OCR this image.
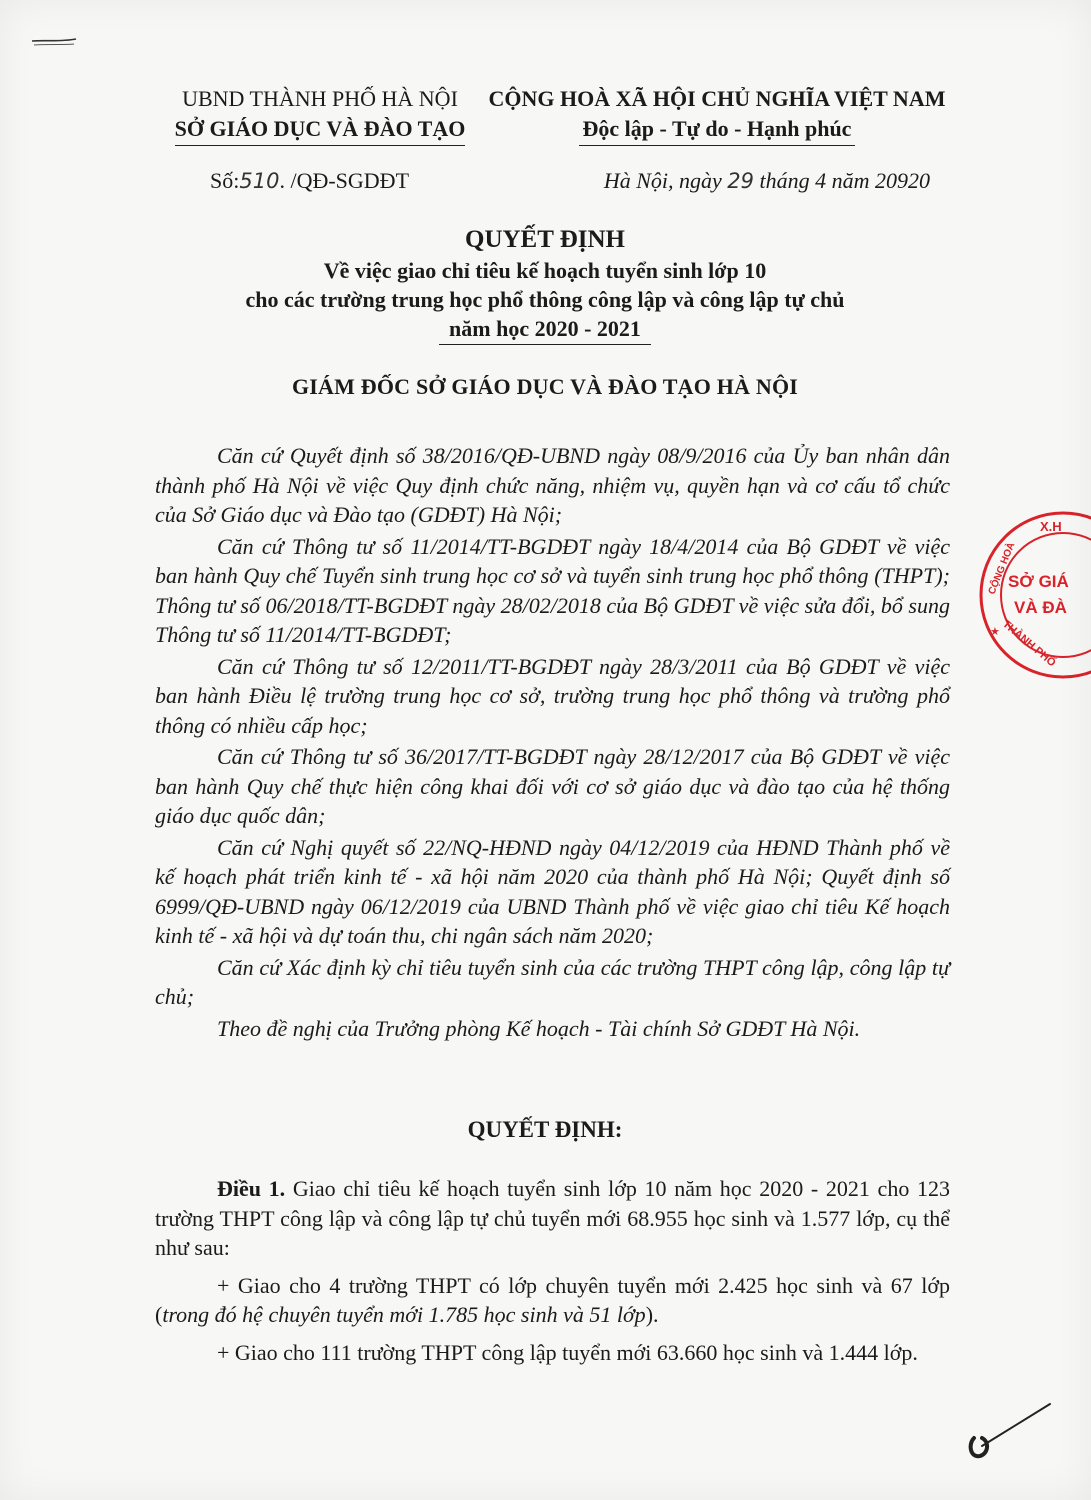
UBND THÀNH PHỐ HÀ NỘI
SỞ GIÁO DỤC VÀ ĐÀO TẠO
CỘNG HOÀ XÃ HỘI CHỦ NGHĨA VIỆT NAM
Độc lập - Tự do - Hạnh phúc
Số:510. /QĐ-SGDĐT	Hà Nội, ngày 29 tháng 4 năm 20920
QUYẾT ĐỊNH
Về việc giao chỉ tiêu kế hoạch tuyển sinh lớp 10
cho các trường trung học phổ thông công lập và công lập tự chủ
năm học 2020 - 2021
GIÁM ĐỐC SỞ GIÁO DỤC VÀ ĐÀO TẠO HÀ NỘI

Căn cứ Quyết định số 38/2016/QĐ-UBND ngày 08/9/2016 của Ủy ban nhân dân thành phố Hà Nội về việc Quy định chức năng, nhiệm vụ, quyền hạn và cơ cấu tổ chức của Sở Giáo dục và Đào tạo (GDĐT) Hà Nội;

Căn cứ Thông tư số 11/2014/TT-BGDĐT ngày 18/4/2014 của Bộ GDĐT về việc ban hành Quy chế Tuyển sinh trung học cơ sở và tuyển sinh trung học phổ thông (THPT); Thông tư số 06/2018/TT-BGDĐT ngày 28/02/2018 của Bộ GDĐT về việc sửa đổi, bổ sung Thông tư số 11/2014/TT-BGDĐT;

Căn cứ Thông tư số 12/2011/TT-BGDĐT ngày 28/3/2011 của Bộ GDĐT về việc ban hành Điều lệ trường trung học cơ sở, trường trung học phổ thông và trường phổ thông có nhiều cấp học;

Căn cứ Thông tư số 36/2017/TT-BGDĐT ngày 28/12/2017 của Bộ GDĐT về việc ban hành Quy chế thực hiện công khai đối với cơ sở giáo dục và đào tạo của hệ thống giáo dục quốc dân;

Căn cứ Nghị quyết số 22/NQ-HĐND ngày 04/12/2019 của HĐND Thành phố về kế hoạch phát triển kinh tế - xã hội năm 2020 của thành phố Hà Nội; Quyết định số 6999/QĐ-UBND ngày 06/12/2019 của UBND Thành phố về việc giao chỉ tiêu Kế hoạch kinh tế - xã hội và dự toán thu, chi ngân sách năm 2020;

Căn cứ Xác định kỳ chỉ tiêu tuyển sinh của các trường THPT công lập, công lập tự chủ;

Theo đề nghị của Trưởng phòng Kế hoạch - Tài chính Sở GDĐT Hà Nội.

QUYẾT ĐỊNH:

Điều 1. Giao chỉ tiêu kế hoạch tuyển sinh lớp 10 năm học 2020 - 2021 cho 123 trường THPT công lập và công lập tự chủ tuyển mới 68.955 học sinh và 1.577 lớp, cụ thể như sau:

+ Giao cho 4 trường THPT có lớp chuyên tuyển mới 2.425 học sinh và 67 lớp (trong đó hệ chuyên tuyển mới 1.785 học sinh và 51 lớp).

+ Giao cho 111 trường THPT công lập tuyển mới 63.660 học sinh và 1.444 lớp.

X.H
CỘNG HOÀ
SỞ GIÁ
VÀ ĐÀ
THÀNH PHỐ
★
